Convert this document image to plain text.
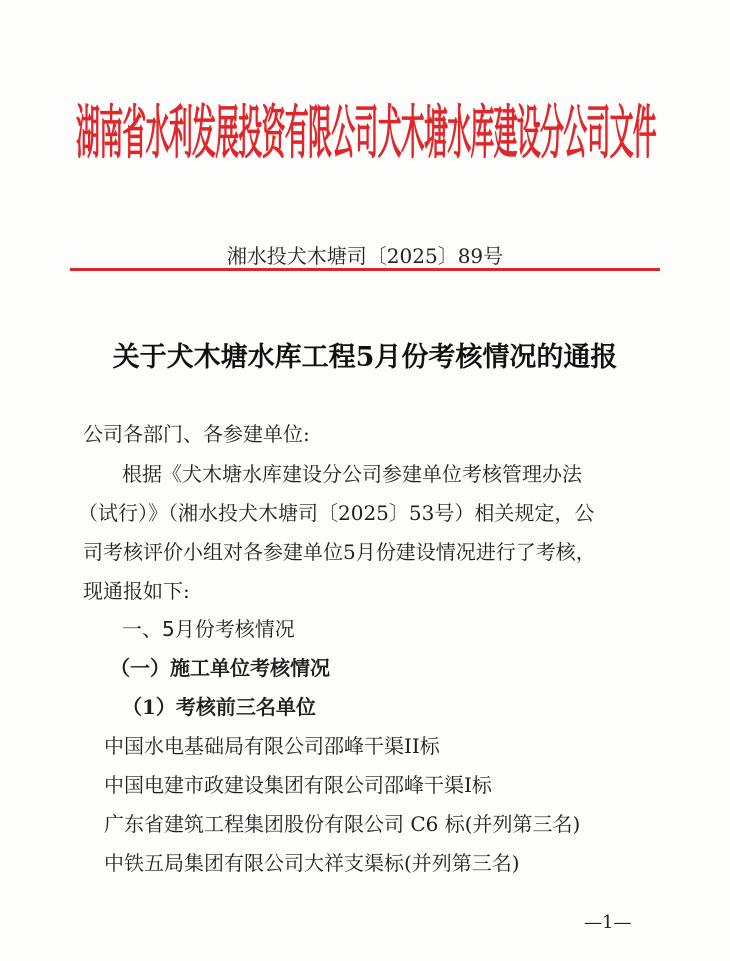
湖南省水利发展投资有限公司犬木塘水库建设分公司文件
湘水投犬木塘司〔2025〕89号
关于犬木塘水库工程5月份考核情况的通报
公司各部门、各参建单位:
根据《犬木塘水库建设分公司参建单位考核管理办法
（试行）》（湘水投犬木塘司〔2025〕53号）相关规定，公
司考核评价小组对各参建单位5月份建设情况进行了考核，
现通报如下:
一、5月份考核情况
（一）施工单位考核情况
（1）考核前三名单位
中国水电基础局有限公司邵峰干渠II标
中国电建市政建设集团有限公司邵峰干渠I标
广东省建筑工程集团股份有限公司 C6 标(并列第三名)
中铁五局集团有限公司大祥支渠标(并列第三名)
—1—
